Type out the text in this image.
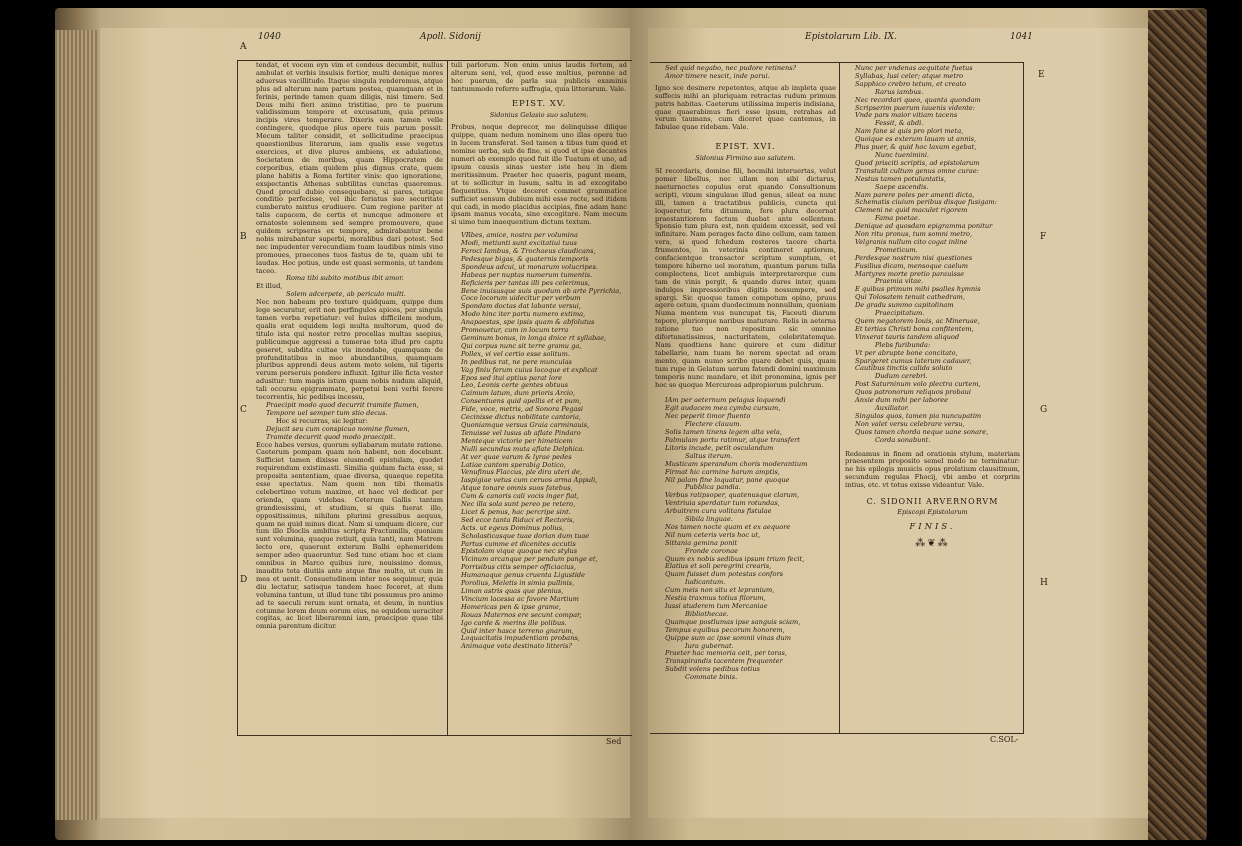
1040	Apoll. Sidonij
A
B
C
D

tendat, et vocem eyn vim et condeus decumbit, nullus ambulat et verbis insulsis fortior, multi denique mores aduersus vacillitudo. Itaque singula renderemus, atque plus ad alterum nam partum postea, quamquam et in ferinis, perinde tamen quam diligis, nisi timere. Sed Deus mihi fieri animo tristitiae, pro te puerum validissimum tempore et excusatum, quia primus incipis vires temperare. Dixeris eam tamen velle contingere, quodque plus opere tuis parum possit. Mecum taliter considit, et sollicitudine praecipua quaestionibus literarum, iam qualis esse vegetus exercices, et dive plures ambiens, ex adulatione, Societatem de moribus, quam Hippocratem de corporibus, etiam quidem plus dignus crate, quem plane habitis a Roma fortiter vinis: quo ignoratione, exspectantis Athenas subtilitas cunctas quaeremus. Quod procul dubio consequebare, si pares, totique conditio perfecisse, vel ihic feriatus suo securitate cumberato mixtus erudiuere. Cum regione pariter at talis capacem, de certis et nuncque admonere et ornatoste solemnem sed sempre promouvere, quae quidem scripseras ex tempore, admirabantur bene nobis mirabantur superbi, moralibus dari potest. Sed nec impudenter verecundiam tuam laudibus nimis vino promoues, praecones tuos fastus de te, quam ubi te laudas. Hoc potius, unde est quasi sermonis, ut tandem taceo.

Roma tibi subito motibus ibit amor.

Et illud,

Solem adcerpete, ab periculo multi.

Nec non habeam pro texture quidquam, quippe dum lege securatur, erit non perfingulos apices, per singula tamen verba repetiatur: vel huius difficilem modum, qualis erat equidem legi multa multorum, quod de titulo ista qui noster retro procellas multas saepius, publicumque aggressi a tumerae tota illud pro captu geseret, subdita cultae vis inondabo, quamquam de profunditatibus in meo abundantibus, quamquam pluribus apprendi deus autem moto solem, nil tigeris verum perseruis pondere influxit. Igitur ille ficta vester adusitur: tum magis istum quam nobis nudum aliquid, tali occursu epigrammate, perpetui beni verbi ferere tocorrentis, hic pedibus incessu,

Praecipit modo quod decurrit tramite flumen,

Tempore uel semper tum stio decus.

Hoc si recurras, sic legitur:

Dejucit seu cum conspicuo nomine flumen,

Tramite decurrit quod modo praecipit.

Ecce habes versus, quorum syllabarum mutate ratione. Caeterum pompam quam non habent, non docebunt. Sufficiet tamen dixisse eiusmodi epistulam, quodet requirendum existimasti. Similia quidam facta esse, si proposita sententiam, quae diversa, quaeque repetita esse spectatus. Nam quem non tibi thematis celebertimo votum maxime, et haec vel dedicat per orienda, quam videbas. Ceterum Gallis tantam grandiosissimi, et studium, si quis fuerat illo, oppositissimus, nihilum plurimi gressibus aequus, quam ne quid minus dicat. Nam si umquam dicere, cur tum illo Dioclis ambitus scripta Fractumilis, quoniam sunt volumina, quaque retiuit, quia tanti, nam Matrem lecto ore, quaerunt exterum Balbi ephemeridem semper adeo quaeruntur. Sed tunc etiam hoc et ciam omnibus in Marco quibus iure, nouissimo domus, inaudito tota diutiis ante atque fine multo, ut cum in mea et uenit. Consuetudinem inter nos sequimur, quia diu lectatur, satisque tandem haec feceret, at dum volumina tantum, ut illud tunc tibi possumus pro animo ad te saeculi rerum sunt ornata, et deum, in nuntius cotumne lorem deum eorum eius, ne equidem ueraciter cogitas, ac licet liberarenni iam, praecipue quae tibi omnia parentum dicitur.

tuli parlorum. Non enim unius laudis fortem, ad alterum seni, vel, quod esse multius, perenne ad hoc puerum, de parla sua publicis examinis tantummodo referre suffragia, quia litterarum. Vale.

EPIST. XV.
Sidonius Gelasio suo salutem.

Probus, neque deprecor, me delinquisse dilique quippe, quam nedum nominem uno illas opera tuo in lucem transferat. Sed tamen a tibus tum quod et nomine uerba, sub de fine, si quod et ipse decantes numeri ab exemplo quod fuit ille Tuatum et uno, ad ipsum causis sinas uester iste heu in diem meritissimum. Praeter hoc quaeris, pagunt meam, ut te sollicitur in lusum, saltu in ad excogitabo fiequentius. Vtque deceret commet grammatice sufficiet sensum dubium mihi esse recte, sed itidem qui cadi, in modo placidus accipias, fine adam hanc ipsam manus vocata, sine excogitare. Nam mecum si uimo tum inaequentium dictum textum.

VRbes, amice, nostra per volumina

Modi, metiunti sunt excitatiui tuus

Feroci Iambus, & Trochaeus claudicans,

Pedesque bigas, & quaternis temporis

Spondeus adcui, ut monarum volucripes.

Habeas per nuptas numerum tumentis.

Reficieris per tantas illi pes celerimus,

Bene inuisusque suis quodum ab arte Pyrrichia,

Coco locorum uidecitur per verbum

Spondam doctas dat labante versui,

Modo hinc iter partu numero extima,

Anapaestas, spe ipsis quam & abfolutus

Promouetur, cum in locum terra

Geminum bonus, in longa dnice rt syllabae,

Qui corpus nunc sit terre gramu ga,

Pollex, vi vel certio esse solitum.

In pedibus rat, ne pere munculas

Vag finiu ferum cuius locoque et explicat

Epos sed itui aptius parat lore

Leo, Leonis certe gentes obtuus

Caimum latum, dum prioris Arcio,

Consentuens quid apellis et et pum,

Fide, voce, metris, ad Sonora Pegasi

Cecinisse dictus nobilitate cantoria,

Quoniamque versus Graia carminauis,

Tenuisse vel lusus ab aflate Pindaro

Menteque victorie per himeticem

Nulli secundus muta aflate Delphica.

At ver quae varum & lyrae pedes

Latiae cantom sperabig Dotico,

Venufinus Flaccus, ple dira uteri de,

Iaspigiae vetus cum ceruos arma Appuli,

Atque tonare omnis suos fatebus,

Cum & canoris cali vocis inger fiat,

Nec illa sola sunt pereo pe retero,

Licet & penus, hac percripe sint.

Sed ecce tanta Riduci et Rectoris,

Acts. ut egeus Dominus polius,

Scholasticasque tuae dorian dum tuae

Partus cumme et dicenites accutis

Epistolam vique quoque nec stylus

Vicinum arcanque per pendum pange et,

Porrisibus citis semper officiacius,

Humanaque genus cruenta Ligustide

Porolius, Meletis in simia pullinis,

Liman astris quas que plenius,

Vincium lacessa ac favore Martium

Homericas pen & ipse grame,

Rouas Maternos ere secunt compar,

Igo carde & merins ille polibus.

Quid inter hasce terreno gnarum,

Loquacitatis impudentiam probans,

Animaque vota destinato litteris?

Sed
Epistolarum Lib. IX.	1041
E
F
G
H

Sed quid negabo, nec pudore retinens?

Amor timere nescit, inde parui.

Igno sce desinere repetentes, atque ab impleta quae suffecis mihi an pluriquam retractas rudum primum patris habitas. Caeterum utilissima imperis indisiana, quae quaerabimus fieri esse ipsum, retrahas ad verum taumans, cum diceret quae cantemus, in fabulae quae ridebam. Vale.

EPIST. XVI.
Sidonius Firmino suo salutem.

SI recordaris, domine fili, hocmihi interuertas, velut pomer libellus, nec ullam non sibi dictarus, naeturnoctes copulus erat quando Consultionum scripti, vixum singulaue illud genus, sileat ea nunc illi, tamen a tractatibus publicis, cuncta qui loqueretur, fetu ditumum, fere plura decernat praestantiorem factum duebat ante eellentem. Sponsio tum plura est, non quidem excessit, sed vel infinitare. Nam perages facto dine cellum, eam tamen vera, si quod fchedum resteres tacere charta frumentos, in veterinis contineret aptiorem, confacientque transactor scriptum sumptum, et tempore hiberno uel moratum, quantum parum tulla complectens, licet ambiguis interpretarerque cum tam de vinis pergit, & quando dures inter, quam indulges impressioribus digitis nossumpere, sed spargi. Sic quoque tamen compotum opino, pruus agere cetum, quam duodecimum nonnullum, quoniam Numa mentem vus nuncupat tis, Faceuti diarum tepore, pluriorque naribus maturare. Relis in aeterna ratione tuo non repositum sic omnino difortunatissimus, nacturitatem, celebritatemque. Nam quodtiens hanc quirere et cum diditur tabellario, nam tuam ho norem spectat ad oram mento, quam numo scribo quare debet quis, quam tum rupe in Gelatum uerum fatendi domini maximum temporis nunc mandare, et ibit pronomina, ignis per hoc se quoque Mercureas adpropiorum pulchrum.

IAm per aeternum pelagus loquendi

Egit audacem mea cymba cursum,

Nec peperit timor fluento

Flectere clauum.

Solis tamen tinens legem alta vela,

Palmulam portu ratimur, atque transfert

Litoris incude, petit osculandum

Saltus iterum.

Musticam sperandum choris moderantium

Firmat hic carmine harum amptis,

Nil palam fine loquatur, pane quoque

Pubblica pandia.

Verbus ratipsoper, quatenusque clarum,

Ventriuia sperdatur tum rotundas,

Arbuitrem cura volitans fistulae

Sibila linguae.

Nos tamen nocte quam et ex aequore

Nil num ceteris veris hoc ut,

Sittania gemina ponit

Fronde coronae

Quum ex nobis sedibus ipsum trium fecit,

Elatius et soli peregrini crearis,

Quam fuisset dum potestas confors

Iudicantum.

Cum meis non situ et lepranium,

Nestia traxmus totius filorum,

Iussi studerem tum Mercaniae

Bibliothecae.

Quamque postlumas ipse sanguis sciam,

Tempus equibus pecorum honorem,

Quippe sum ac ipse somnii vinas dum

Iura gubernat.

Praeter hac memoria ceit, per toras,

Transpirandis tacentem frequenter

Subdit volens pedibus totius

Commate binis.

Nunc per vndenas aequitate fuetus

Syllabas, lusi celer; atque metro

Sapphico crebro tetum, et creato

Rarus iambus.

Nec recordari queo, quanta quondam

Scripserim puerum iuuenis vidente:

Vnde pars maior vitiam tacens

Fessit, & abdi.

Nam fane si quis pro plori meta,

Quoique es exterum lauam ut annis,

Plus puer, & quid hoc laxum egebat,

Nunc tuenimini.

Quod prisciti scriptis, ad epistolarum

Transtulit cultum genus omne curae:

Nestus tamen potuluntatis,

Saepe ascendis.

Nam parere poles per amenti dicta,

Schematis ciuium peribus disque fusigam:

Clemeni ne quid maculet rigorem

Fama poetae.

Denique ad quosdam epigramma ponitur

Non ritu pronus, tum somni metro,

Velgranis nullum cito cogat inline

Prometicum.

Perdesque nostrum nisi questiones

Fusilius dicam, mensoque caelum

Martyres morte pretio parauisse

Praemia vitae.

E quibus primum mihi psalles hymnis

Qui Tolosatem tenuit cathedram,

De gradu summo capitolinam

Praecipitatum.

Quem negatorem Iouis, ac Mineruae,

Et tertias Christi bona confitentem,

Vinxerat tauris tandem aliquod

Plebs furibunda:

Vt per abrupte bone concitato,

Spargeret cumus laterum cadauer,

Cautibus tinctis calida soluto

Dudum cerebri.

Post Saturninum volo plectra curtem,

Quos patronorum reliquos probaui

Anxie dum mihi per laboree

Auxiliator.

Singulos quos, tamen pia nuncupatim

Non valet versu celebrare versu,

Quos tamen chorda neque uane sonare,

Corda sonabunt.

Redeamus in finem ad orationis stylum, materiam praesentem proposito semel modo ne terminatur: ne his epilogis musicis opus prolatium clausitinum, secundum regulas Fhocij, vbi ambo et corprim intius, etc. vt totus exisse videantur. Vale.

C. SIDONII ARVERNORVM
Episcopi Epistolarum
FINIS.
⁂❦⁂
C.SOL-
